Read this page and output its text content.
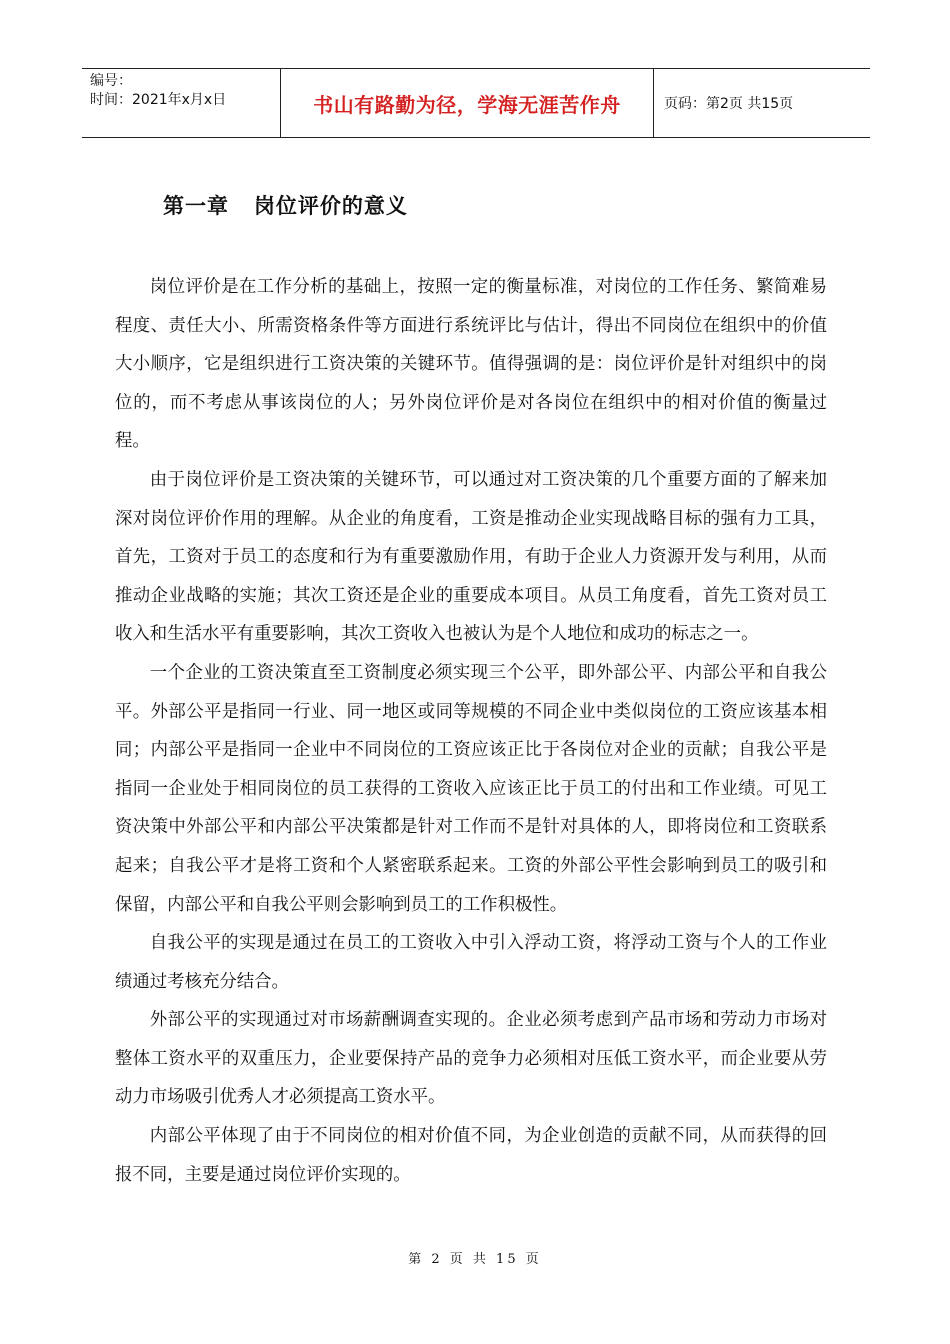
编号：
时间：2021年x月x日	书山有路勤为径，学海无涯苦作舟	页码：第2页 共15页
第一章   岗位评价的意义

岗位评价是在工作分析的基础上，按照一定的衡量标准，对岗位的工作任务、繁简难易程度、责任大小、所需资格条件等方面进行系统评比与估计，得出不同岗位在组织中的价值大小顺序，它是组织进行工资决策的关键环节。值得强调的是：岗位评价是针对组织中的岗位的，而不考虑从事该岗位的人；另外岗位评价是对各岗位在组织中的相对价值的衡量过程。

由于岗位评价是工资决策的关键环节，可以通过对工资决策的几个重要方面的了解来加深对岗位评价作用的理解。从企业的角度看，工资是推动企业实现战略目标的强有力工具，首先，工资对于员工的态度和行为有重要激励作用，有助于企业人力资源开发与利用，从而推动企业战略的实施；其次工资还是企业的重要成本项目。从员工角度看，首先工资对员工收入和生活水平有重要影响，其次工资收入也被认为是个人地位和成功的标志之一。

一个企业的工资决策直至工资制度必须实现三个公平，即外部公平、内部公平和自我公平。外部公平是指同一行业、同一地区或同等规模的不同企业中类似岗位的工资应该基本相同；内部公平是指同一企业中不同岗位的工资应该正比于各岗位对企业的贡献；自我公平是指同一企业处于相同岗位的员工获得的工资收入应该正比于员工的付出和工作业绩。可见工资决策中外部公平和内部公平决策都是针对工作而不是针对具体的人，即将岗位和工资联系起来；自我公平才是将工资和个人紧密联系起来。工资的外部公平性会影响到员工的吸引和保留，内部公平和自我公平则会影响到员工的工作积极性。

自我公平的实现是通过在员工的工资收入中引入浮动工资，将浮动工资与个人的工作业绩通过考核充分结合。

外部公平的实现通过对市场薪酬调查实现的。企业必须考虑到产品市场和劳动力市场对整体工资水平的双重压力，企业要保持产品的竞争力必须相对压低工资水平，而企业要从劳动力市场吸引优秀人才必须提高工资水平。

内部公平体现了由于不同岗位的相对价值不同，为企业创造的贡献不同，从而获得的回报不同，主要是通过岗位评价实现的。

第 2 页 共 15 页
